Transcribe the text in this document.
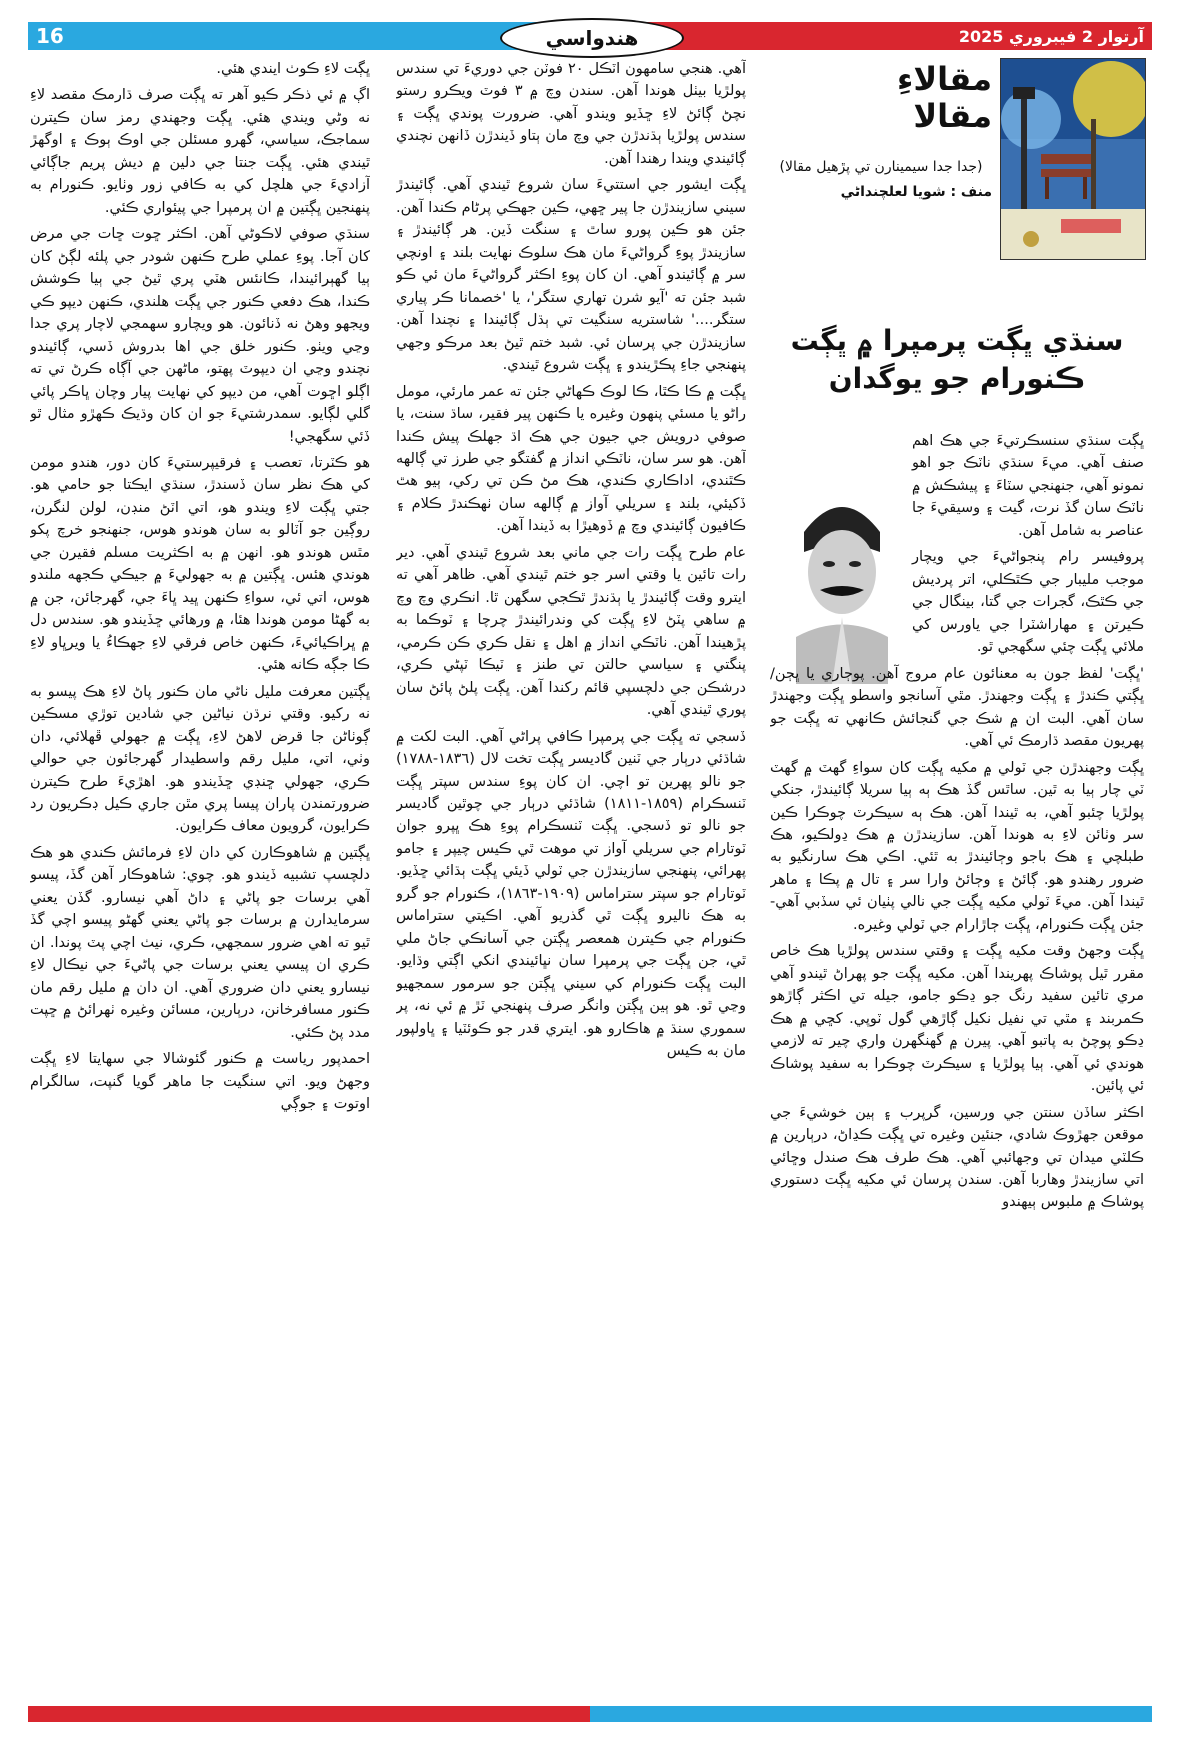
16	آرتوار 2 فيبروري 2025
هندواسي
مقالاءِ
مقالا
(جدا جدا سيمينارن تي پڙهيل مقالا)
منف : شويا لعلچنداڻي
سنڌي ڀڳت پرمپرا ۾ ڀڳت ڪنورام جو يوگدان

ڀڳت سنڌي سنسڪرتيءَ جي هڪ اهم صنف آهي. ميءَ سنڌي ناٽڪ جو اهو نمونو آهي، جنهنجي سٽاءَ ۽ پيشڪش ۾ ناٽڪ سان گڏ نرت، گيت ۽ وسيقيءَ جا عناصر به شامل آهن.

پروفيسر رام پنجواڻيءَ جي ويچار موجب مليبار جي ڪٿڪلي، اتر پرديش جي ڪٿڪ، گجرات جي گتا، بينگال جي ڪيرتن ۽ مهاراشٽرا جي ياورس کي ملائي ڀڳت چئي سگهجي ٿو.

'ڀڳت' لفظ جون به معنائون عام مروج آهن. پوڄاري يا ڀڄن/ ڀڳتي ڪندڙ ۽ ڀڳت وجهندڙ. مٿي آسانجو واسطو ڀڳت وجهندڙ سان آهي. البت ان ۾ شڪ جي گنجائش ڪانهي ته ڀڳت جو پهريون مقصد ڌارمڪ ئي آهي.

ڀڳت وجهندڙن جي ٽولي ۾ مکيه ڀڳت کان سواءِ گهٽ ۾ گهٽ ٽي چار ٻيا به ٿين. ساٿس گڏ هڪ ٻه ٻيا سريلا ڳائيندڙ، جنکي پولڙيا چئبو آهي، به ٿيندا آهن. هڪ ٻه سيڪرٽ چوڪرا ڪين سر وٺائن لاءِ به هوندا آهن. سازيندڙن ۾ هڪ ڍولڪيو، هڪ طبلچي ۽ هڪ باجو وڄائيندڙ به ٿئي. اڪي هڪ سارنگيو به ضرور رهندو هو. ڳائڻ ۽ وڄائڻ وارا سر ۽ تال ۾ پڪا ۽ ماهر ٿيندا آهن. ميءَ ٽولي مکيه ڀڳت جي نالي پٺيان ئي سڏبي آهي- جئن ڀڳت ڪنورام، ڀڳت ڄاڙارام جي ٽولي وغيره.

ڀڳت وجهڻ وقت مکيه ڀڳت ۽ وقتي سندس پولڙيا هڪ خاص مقرر ٿيل پوشاڪ پهريندا آهن. مکيه ڀڳت جو پهراڻ ٿيندو آهي مري تائين سفيد رنگ جو ڍڪو جامو، جيله تي اڪثر ڳاڙهو ڪمربند ۽ مٿي تي نفيل نکيل ڳاڙهي گول ٽوپي. کڇي ۾ هڪ ڍڪو پوچڻ به پاتبو آهي. پيرن ۾ گهنگهرن واري چير ته لازمي هوندي ئي آهي. ٻيا پولڙيا ۽ سيڪرٽ چوڪرا به سفيد پوشاڪ ئي پائين.

اڪثر ساڏن سنتن جي ورسين، گرپرب ۽ ٻين خوشيءَ جي موقعن جهڙوڪ شادي، جنئين وغيره تي ڀڳت ڪڍاڻ، درٻارين ۾ ڪلٽي ميدان تي وجهائبي آهي. هڪ طرف هڪ صندل وڇائي اتي سازيندڙ وهاربا آهن. سندن پرسان ئي مکيه ڀڳت دستوري پوشاڪ ۾ ملبوس ٻيهندو

آهي. هنجي سامهون اٽڪل ٢٠ فوٽن جي دوريءَ تي سندس پولڙيا بيٺل هوندا آهن. سندن وچ ۾ ٣ فوٽ ويڪرو رستو نچڻ ڳائڻ لاءِ ڇڏيو ويندو آهي. ضرورت پوندي ڀڳت ۽ سندس پولڙيا ٻڌندڙن جي وچ مان ٻتاو ڏيندڙن ڏانهن نچندي ڳائيندي ويندا رهندا آهن.

ڀڳت ايشور جي استتيءَ سان شروع ٿيندي آهي. ڳائيندڙ سيني سازيندڙن جا پير ڇهي، ڪين جهڪي پرڻام ڪندا آهن. جئن هو ڪين پورو ساٿ ۽ سنگت ڏين. هر ڳائيندڙ ۽ سازيندڙ پوءِ گرواڻيءَ مان هڪ سلوڪ نهايت بلند ۽ اونچي سر ۾ ڳائيندو آهي. ان کان پوءِ اڪثر گرواڻيءَ مان ئي ڪو شبد جئن ته 'آيو شرن تهاري ستگر'، يا 'خصمانا ڪر پياري ستگر....' شاستريه سنگيت تي ٻڌل ڳائيندا ۽ نچندا آهن. سازيندڙن جي پرسان ئي. شبد ختم ٿيڻ بعد مرڪو وجهي پنهنجي جاءِ پڪڙيندو ۽ ڀڳت شروع ٿيندي.

ڀڳت ۾ ڪا ڪٿا، ڪا لوڪ ڪهاڻي جئن ته عمر مارئي، مومل راڻو يا مسئي پنهون وغيره يا ڪنهن پير فقير، ساڌ سنت، يا صوفي درويش جي جيون جي هڪ اڌ جهلڪ پيش ڪندا آهن. هو سر سان، ناٽڪي انداز ۾ گفتگو جي طرز تي ڳالهه ڪٿندي، اداڪاري ڪندي، هڪ مڻ ڪن تي رکي، ٻيو هٿ ڏکيئي، بلند ۽ سريلي آواز ۾ ڳالهه سان ٺهڪندڙ ڪلام ۽ ڪافيون ڳائيندي وچ ۾ ڏوهيڙا به ڏيندا آهن.

عام طرح ڀڳت رات جي ماني بعد شروع ٿيندي آهي. دير رات تائين يا وقتي اسر جو ختم ٿيندي آهي. ظاهر آهي ته ايترو وقت ڳائيندڙ يا ٻڌندڙ ٿڪجي سگهن ٿا. انڪري وچ وچ ۾ ساهي پٽڻ لاءِ ڀڳت کي وندرائيندڙ چرچا ۽ ٽوڪما به پڙهيندا آهن. ناٽڪي انداز ۾ اهل ۽ نقل ڪري ڪن ڪرمي، پنگتي ۽ سياسي حالتن تي طنز ۽ ٽيڪا ٽپڻي ڪري، درشڪن جي دلچسپي قائم رکندا آهن. ڀڳت پلڻ پائڻ سان پوري ٿيندي آهي.

ڏسجي ته ڀڳت جي پرمپرا ڪافي پراڻي آهي. البت لکت ۾ شاڌئي درٻار جي ٽنين گاديسر ڀڳت تخت لال (١٨٣٦-١٧٨٨) جو نالو پهرين تو اچي. ان کان پوءِ سندس سپتر ڀڳت ٽنسڪرام (١٨٥٩-١٨١١) شاڌئي درٻار جي چوٿين گاديسر جو نالو تو ڏسجي. ڀڳت ٽنسڪرام پوءِ هڪ ڀپرو جوان ٽوتارام جي سريلي آواز تي موهت ٿي ڪيس چيپر ۽ جامو پهرائي، پنهنجي سازيندڙن جي ٽولي ڏيئي ڀڳت ٻڌائي ڇڏيو. ٽوتارام جو سپتر ستراماس (١٩٠٩-١٨٦٣)، ڪنورام جو گرو به هڪ ناليرو ڀڳت ٿي گذريو آهي. اڪيتي ستراماس ڪنورام جي ڪيترن همعصر ڀڳتن جي آسانڪي جاڻ ملي ٿي، جن ڀڳت جي پرمپرا سان نڀائيندي انکي اڳتي وڌايو. البت ڀڳت ڪنورام کي سيني ڀڳتن جو سرمور سمجهيو وڃي ٿو. هو ٻين ڀڳتن وانگر صرف پنهنجي ٽڙ ۾ ئي نه، پر سموري سنڌ ۾ هاڪارو هو. ايتري قدر جو ڪوئٽيا ۽ ڀاولپور مان به ڪيس

ڀڳت لاءِ ڪوٺ ايندي هئي.

اڳ ۾ ئي ذڪر ڪيو آهر ته ڀڳت صرف ڌارمڪ مقصد لاءِ نه وڻي ويندي هئي. ڀڳت وجهندي رمز سان ڪيترن سماجڪ، سياسي، گهرو مسئلن جي اوڪ ٻوڪ ۽ اوگهڙ ٿيندي هئي. ڀڳت جنتا جي دلين ۾ ديش پريم جاڳائي آزاديءَ جي هلچل کي به ڪافي زور وٺايو. ڪنورام به پنهنجين ڀڳتين ۾ ان پرمپرا جي پيئواري ڪئي.

سنڌي صوفي لاڪوڻي آهن. اڪثر ڇوت ڇات جي مرض کان آجا. پوءِ عملي طرح ڪنهن شودر جي پلئه لڳڻ کان ٻيا گهٻرائيندا، ڪانئس هٽي پري ٿيڻ جي ٻيا ڪوشش ڪندا، هڪ دفعي ڪنور جي ڀڳت هلندي، ڪنهن ديپو ڪي ويجهو وهڻ نه ڏنائون. هو ويچارو سهمجي لاچار پري جدا وڃي ويٺو. ڪنور خلق جي اها بدروش ڏسي، ڳائيندو نچندو وڃي ان ديپوٽ پهتو، ماڻهن جي آڳاه ڪرڻ تي ته اڳلو اڇوت آهي، من ديپو کي نهايت پيار وچان ڀاڪر پائي گلي لڳايو. سمدرشتيءَ جو ان کان وڌيڪ ڪهڙو مثال ٿو ڏئي سگهجي!

هو ڪٽرتا، تعصب ۽ فرقيپرستيءَ کان دور، هندو مومن کي هڪ نظر سان ڏسندڙ، سنڌي ايڪتا جو حامي هو. جتي ڀڳت لاءِ ويندو هو، اتي اٽڻ منڊن، لولن لنگرن، روڳين جو آٽالو به سان هوندو هوس، جنهنجو خرچ پکو مٿس هوندو هو. انهن ۾ به اڪثريت مسلم فقيرن جي هوندي هئس. ڀڳتين ۾ به جهوليءَ ۾ جيڪي ڪجهه ملندو هوس، اتي ئي، سواءِ ڪنهن ڀيد ڀاءَ جي، گهرجائن، جن ۾ به گهڻا مومن هوندا هئا، ۾ ورهائي ڇڏيندو هو. سندس دل ۾ ڀراڪيائيءَ، ڪنهن خاص فرقي لاءِ جهڪاءُ يا ويرڀاو لاءِ ڪا جڳه ڪانه هئي.

ڀڳتين معرفت مليل ناڻي مان ڪنور پاڻ لاءِ هڪ پيسو به نه رکيو. وقتي نرڌن نياڻين جي شادين توڙي مسڪين ڳوٺاڻن جا قرض لاهڻ لاءِ، ڀڳت ۾ جهولي ڦهلائي، دان وٺي، اتي، مليل رقم واسطيدار گهرجائون جي حوالي ڪري، جهولي ڇنڊي ڇڏيندو هو. اهڙيءَ طرح ڪيترن ضرورتمندن پاران پيسا پري مٿن جاري ڪيل ڊڪريون رد ڪرايون، گرويون معاف ڪرايون.

ڀڳتين ۾ شاهوڪارن کي دان لاءِ فرمائش ڪندي هو هڪ دلچسپ تشبيه ڏيندو هو. چوي: شاهوڪار آهن گڏ، پيسو آهي برسات جو پاڻي ۽ داڻ آهي نيسارو. گڏن يعني سرمايدارن ۾ برسات جو پاڻي يعني گهڻو پيسو اچي گڏ ٿيو ته اهي ضرور سمجهي، ڪري، نيٺ اچي پٽ پوندا. ان ڪري ان پيسي يعني برسات جي پاڻيءَ جي نيڪال لاءِ نيسارو يعني دان ضروري آهي. ان دان ۾ مليل رقم مان ڪنور مسافرخانن، درٻارين، مسائن وغيره ٺهرائڻ ۾ ڇپت مدد پڻ ڪئي.

احمدپور رياست ۾ ڪنور گئوشالا جي سهايتا لاءِ ڀڳت وجهڻ ويو. اتي سنگيت جا ماهر گويا گنپت، سالگرام اوتوت ۽ جوڳي
